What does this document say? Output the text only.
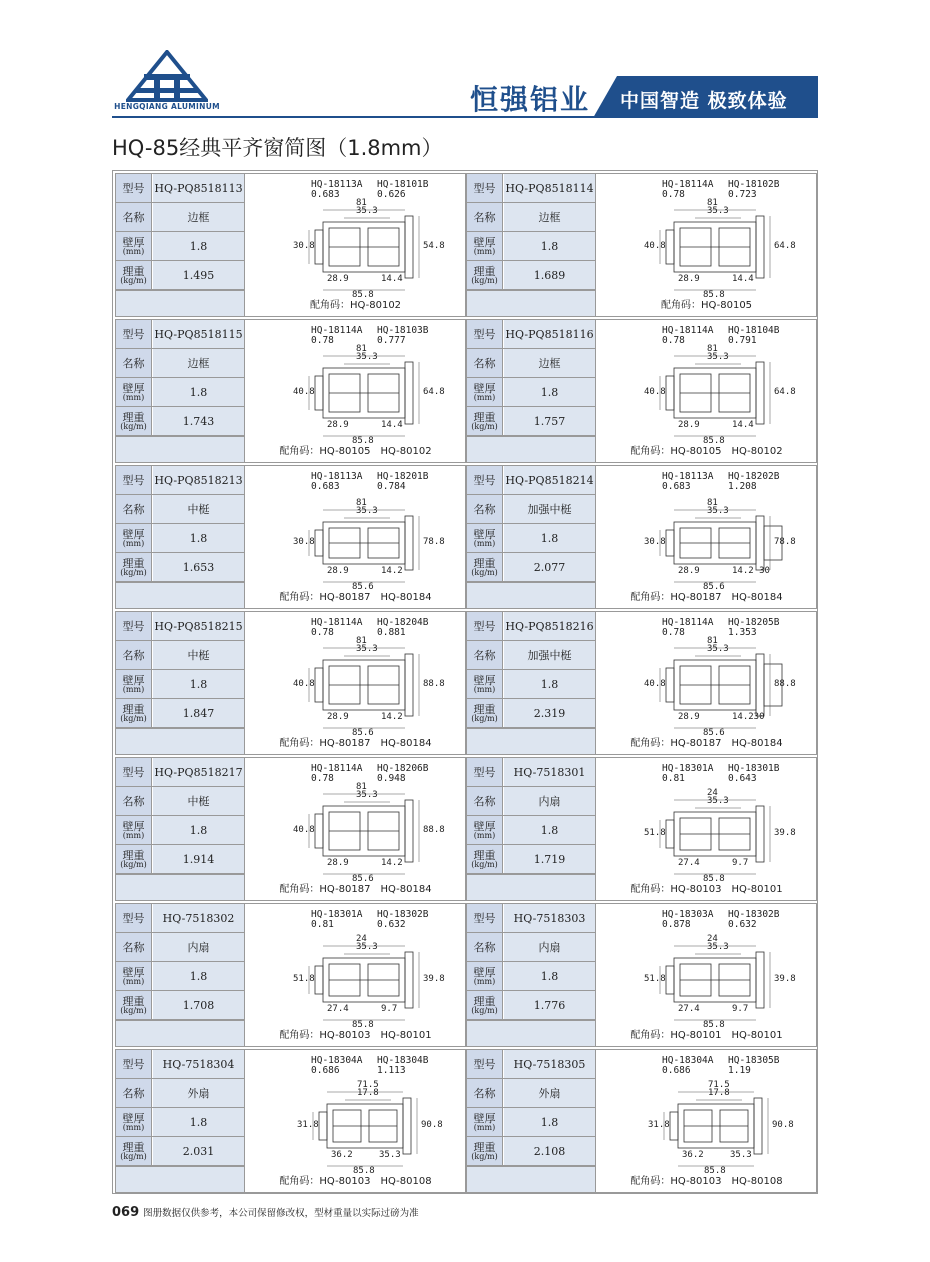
HENGQIANG ALUMINUM	恒强铝业 中国智造 极致体验
HQ-85经典平齐窗简图（1.8mm）
型号 HQ-PQ8518113
名称	边框
壁厚
(mm)	1.8
理重
(kg/m)	1.495
HQ-18113A HQ-18101B
0.683	0.626
81
35.3
30.8	54.8
28.9	14.4
85.8
配角码：HQ-80102
型号 HQ-PQ8518114
名称	边框
壁厚
(mm)	1.8
理重
(kg/m)	1.689
HQ-18114A HQ-18102B
0.78	0.723
81
35.3
40.8	64.8
28.9	14.4
85.8
配角码：HQ-80105
型号 HQ-PQ8518115
名称	边框
壁厚
(mm)	1.8
理重
(kg/m)	1.743
HQ-18114A HQ-18103B
0.78	0.777
81
35.3
40.8	64.8
28.9	14.4
85.8
配角码：HQ-80105　HQ-80102
型号 HQ-PQ8518116
名称	边框
壁厚
(mm)	1.8
理重
(kg/m)	1.757
HQ-18114A HQ-18104B
0.78	0.791
81
35.3
40.8	64.8
28.9	14.4
85.8
配角码：HQ-80105　HQ-80102
型号 HQ-PQ8518213
名称	中梃
壁厚
(mm)	1.8
理重
(kg/m)	1.653
HQ-18113A HQ-18201B
0.683	0.784
81
35.3
30.8	78.8
28.9	14.2
85.6
配角码：HQ-80187　HQ-80184
型号 HQ-PQ8518214
名称	加强中梃
壁厚
(mm)	1.8
理重
(kg/m)	2.077
HQ-18113A HQ-18202B
0.683	1.208
81
35.3
30.8	78.8
28.9	14.2 30
85.6
配角码：HQ-80187　HQ-80184
型号 HQ-PQ8518215
名称	中梃
壁厚
(mm)	1.8
理重
(kg/m)	1.847
HQ-18114A HQ-18204B
0.78	0.881
81
35.3
40.8	88.8
28.9	14.2
85.6
配角码：HQ-80187　HQ-80184
型号 HQ-PQ8518216
名称	加强中梃
壁厚
(mm)	1.8
理重
(kg/m)	2.319
HQ-18114A HQ-18205B
0.78	1.353
81
35.3
40.8	88.8
28.9	14.230
85.6
配角码：HQ-80187　HQ-80184
型号 HQ-PQ8518217
名称	中梃
壁厚
(mm)	1.8
理重
(kg/m)	1.914
HQ-18114A HQ-18206B
0.78	0.948
81
35.3
40.8	88.8
28.9	14.2
85.6
配角码：HQ-80187　HQ-80184
型号	HQ-7518301
名称	内扇
壁厚
(mm)	1.8
理重
(kg/m)	1.719
HQ-18301A HQ-18301B
0.81	0.643
24
35.3
51.8	39.8
27.4	9.7
85.8
配角码：HQ-80103　HQ-80101
型号	HQ-7518302
名称	内扇
壁厚
(mm)	1.8
理重
(kg/m)	1.708
HQ-18301A HQ-18302B
0.81	0.632
24
35.3
51.8	39.8
27.4	9.7
85.8
配角码：HQ-80103　HQ-80101
型号	HQ-7518303
名称	内扇
壁厚
(mm)	1.8
理重
(kg/m)	1.776
HQ-18303A HQ-18302B
0.878	0.632
24
35.3
51.8	39.8
27.4	9.7
85.8
配角码：HQ-80101　HQ-80101
型号	HQ-7518304
名称	外扇
壁厚
(mm)	1.8
理重
(kg/m)	2.031
HQ-18304A HQ-18304B
0.686	1.113
71.5
17.8
31.8	90.8
36.2	35.3
85.8
配角码：HQ-80103　HQ-80108
型号	HQ-7518305
名称	外扇
壁厚
(mm)	1.8
理重
(kg/m)	2.108
HQ-18304A HQ-18305B
0.686	1.19
71.5
17.8
31.8	90.8
36.2	35.3
85.8
配角码：HQ-80103　HQ-80108
069 图册数据仅供参考，本公司保留修改权，型材重量以实际过磅为准
